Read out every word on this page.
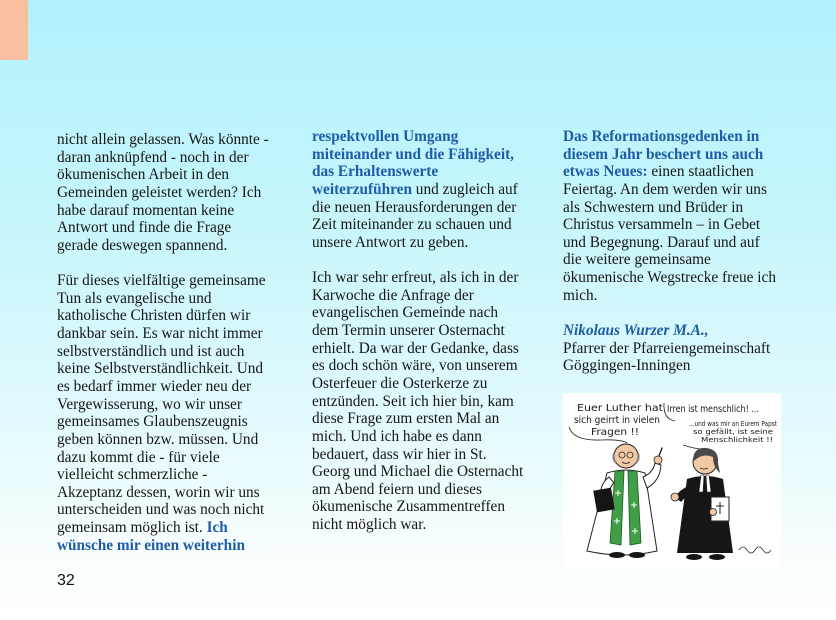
nicht allein gelassen. Was könnte -
daran anknüpfend - noch in der
ökumenischen Arbeit in den
Gemeinden geleistet werden? Ich
habe darauf momentan keine
Antwort und finde die Frage
gerade deswegen spannend.
Für dieses vielfältige gemeinsame
Tun als evangelische und
katholische Christen dürfen wir
dankbar sein. Es war nicht immer
selbstverständlich und ist auch
keine Selbstverständlichkeit. Und
es bedarf immer wieder neu der
Vergewisserung, wo wir unser
gemeinsames Glaubenszeugnis
geben können bzw. müssen. Und
dazu kommt die - für viele
vielleicht schmerzliche -
Akzeptanz dessen, worin wir uns
unterscheiden und was noch nicht
gemeinsam möglich ist. Ich
wünsche mir einen weiterhin
respektvollen Umgang
miteinander und die Fähigkeit,
das Erhaltenswerte
weiterzuführen und zugleich auf
die neuen Herausforderungen der
Zeit miteinander zu schauen und
unsere Antwort zu geben.
Ich war sehr erfreut, als ich in der
Karwoche die Anfrage der
evangelischen Gemeinde nach
dem Termin unserer Osternacht
erhielt. Da war der Gedanke, dass
es doch schön wäre, von unserem
Osterfeuer die Osterkerze zu
entzünden. Seit ich hier bin, kam
diese Frage zum ersten Mal an
mich. Und ich habe es dann
bedauert, dass wir hier in St.
Georg und Michael die Osternacht
am Abend feiern und dieses
ökumenische Zusammentreffen
nicht möglich war.
Das Reformationsgedenken in
diesem Jahr beschert uns auch
etwas Neues: einen staatlichen
Feiertag. An dem werden wir uns
als Schwestern und Brüder in
Christus versammeln – in Gebet
und Begegnung. Darauf und auf
die weitere gemeinsame
ökumenische Wegstrecke freue ich
mich.
Nikolaus Wurzer M.A.,
Pfarrer der Pfarreiengemeinschaft
Göggingen-Inningen
Euer Luther hat
sich geirrt in vielen
Fragen !!
Irren ist menschlich! ...
...und was mir an Eurem Papst
so gefällt, ist seine
Menschlichkeit !!
32
